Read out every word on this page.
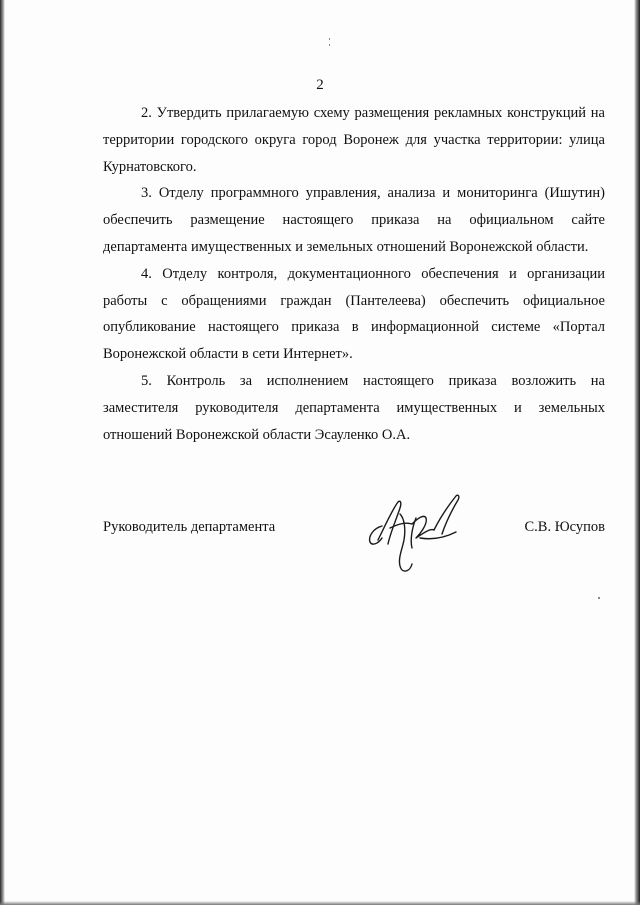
2

2. Утвердить прилагаемую схему размещения рекламных конструкций на территории городского округа город Воронеж для участка территории: улица Курнатовского.

3. Отделу программного управления, анализа и мониторинга (Ишутин) обеспечить размещение настоящего приказа на официальном сайте департамента имущественных и земельных отношений Воронежской области.

4. Отделу контроля, документационного обеспечения и организации работы с обращениями граждан (Пантелеева) обеспечить официальное опубликование настоящего приказа в информационной системе «Портал Воронежской области в сети Интернет».

5. Контроль за исполнением настоящего приказа возложить на заместителя руководителя департамента имущественных и земельных отношений Воронежской области Эсауленко О.А.

Руководитель департамента	С.В. Юсупов
